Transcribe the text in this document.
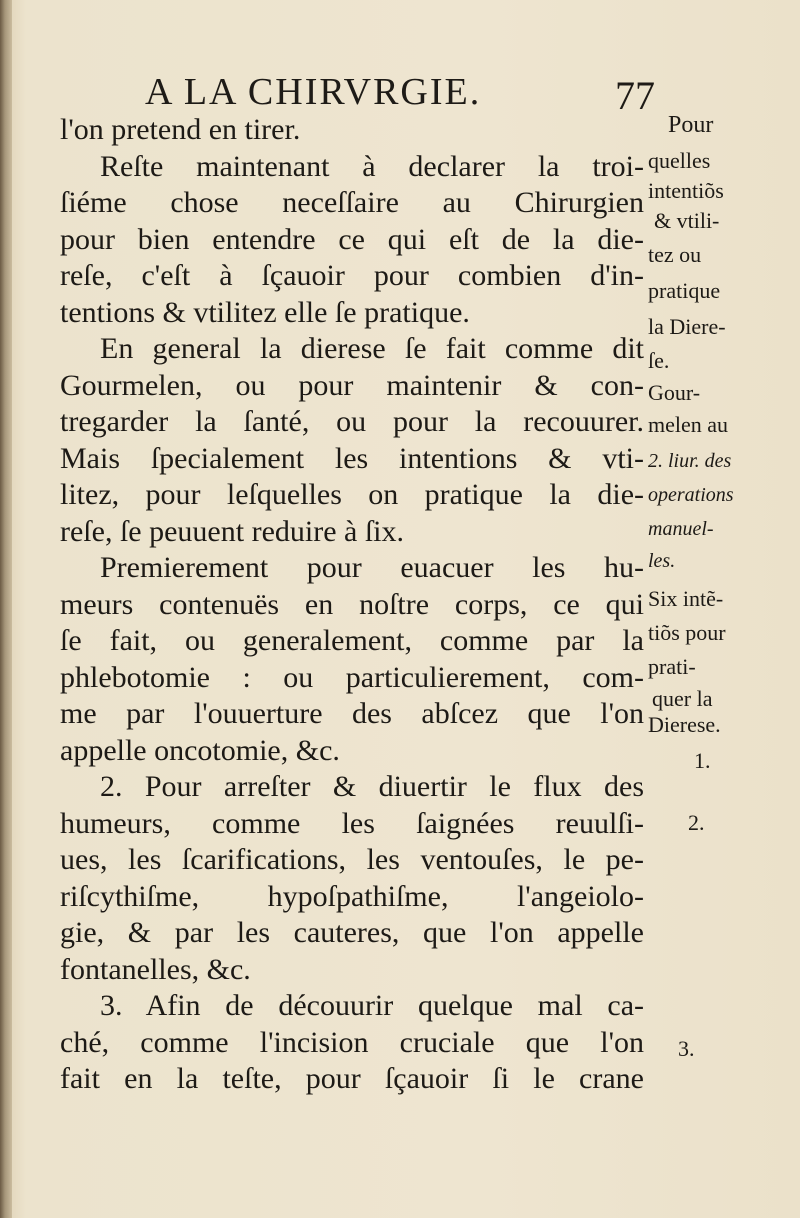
A LA CHIRVRGIE.	77
l'on pretend en tirer.
Reſte maintenant à declarer la troi-
ſiéme chose neceſſaire au Chirurgien
pour bien entendre ce qui eſt de la die-
reſe, c'eſt à ſçauoir pour combien d'in-
tentions & vtilitez elle ſe pratique.
En general la dierese ſe fait comme dit
Gourmelen, ou pour maintenir & con-
tregarder la ſanté, ou pour la recouurer.
Mais ſpecialement les intentions & vti-
litez, pour leſquelles on pratique la die-
reſe, ſe peuuent reduire à ſix.
Premierement pour euacuer les hu-
meurs contenuës en noſtre corps, ce qui
ſe fait, ou generalement, comme par la
phlebotomie : ou particulierement, com-
me par l'ouuerture des abſcez que l'on
appelle oncotomie, &c.
2. Pour arreſter & diuertir le flux des
humeurs, comme les ſaignées reuulſi-
ues, les ſcarifications, les ventouſes, le pe-
riſcythiſme, hypoſpathiſme, l'angeiolo-
gie, & par les cauteres, que l'on appelle
fontanelles, &c.
3. Afin de découurir quelque mal ca-
ché, comme l'incision cruciale que l'on
fait en la teſte, pour ſçauoir ſi le crane
Pour
quelles
intentiõs
& vtili-
tez ou
pratique
la Diere-
ſe.
Gour-
melen au
2. liur. des
operations
manuel-
les.
Six intẽ-
tiõs pour
prati-
quer la
Dierese.
1.
2.
3.
